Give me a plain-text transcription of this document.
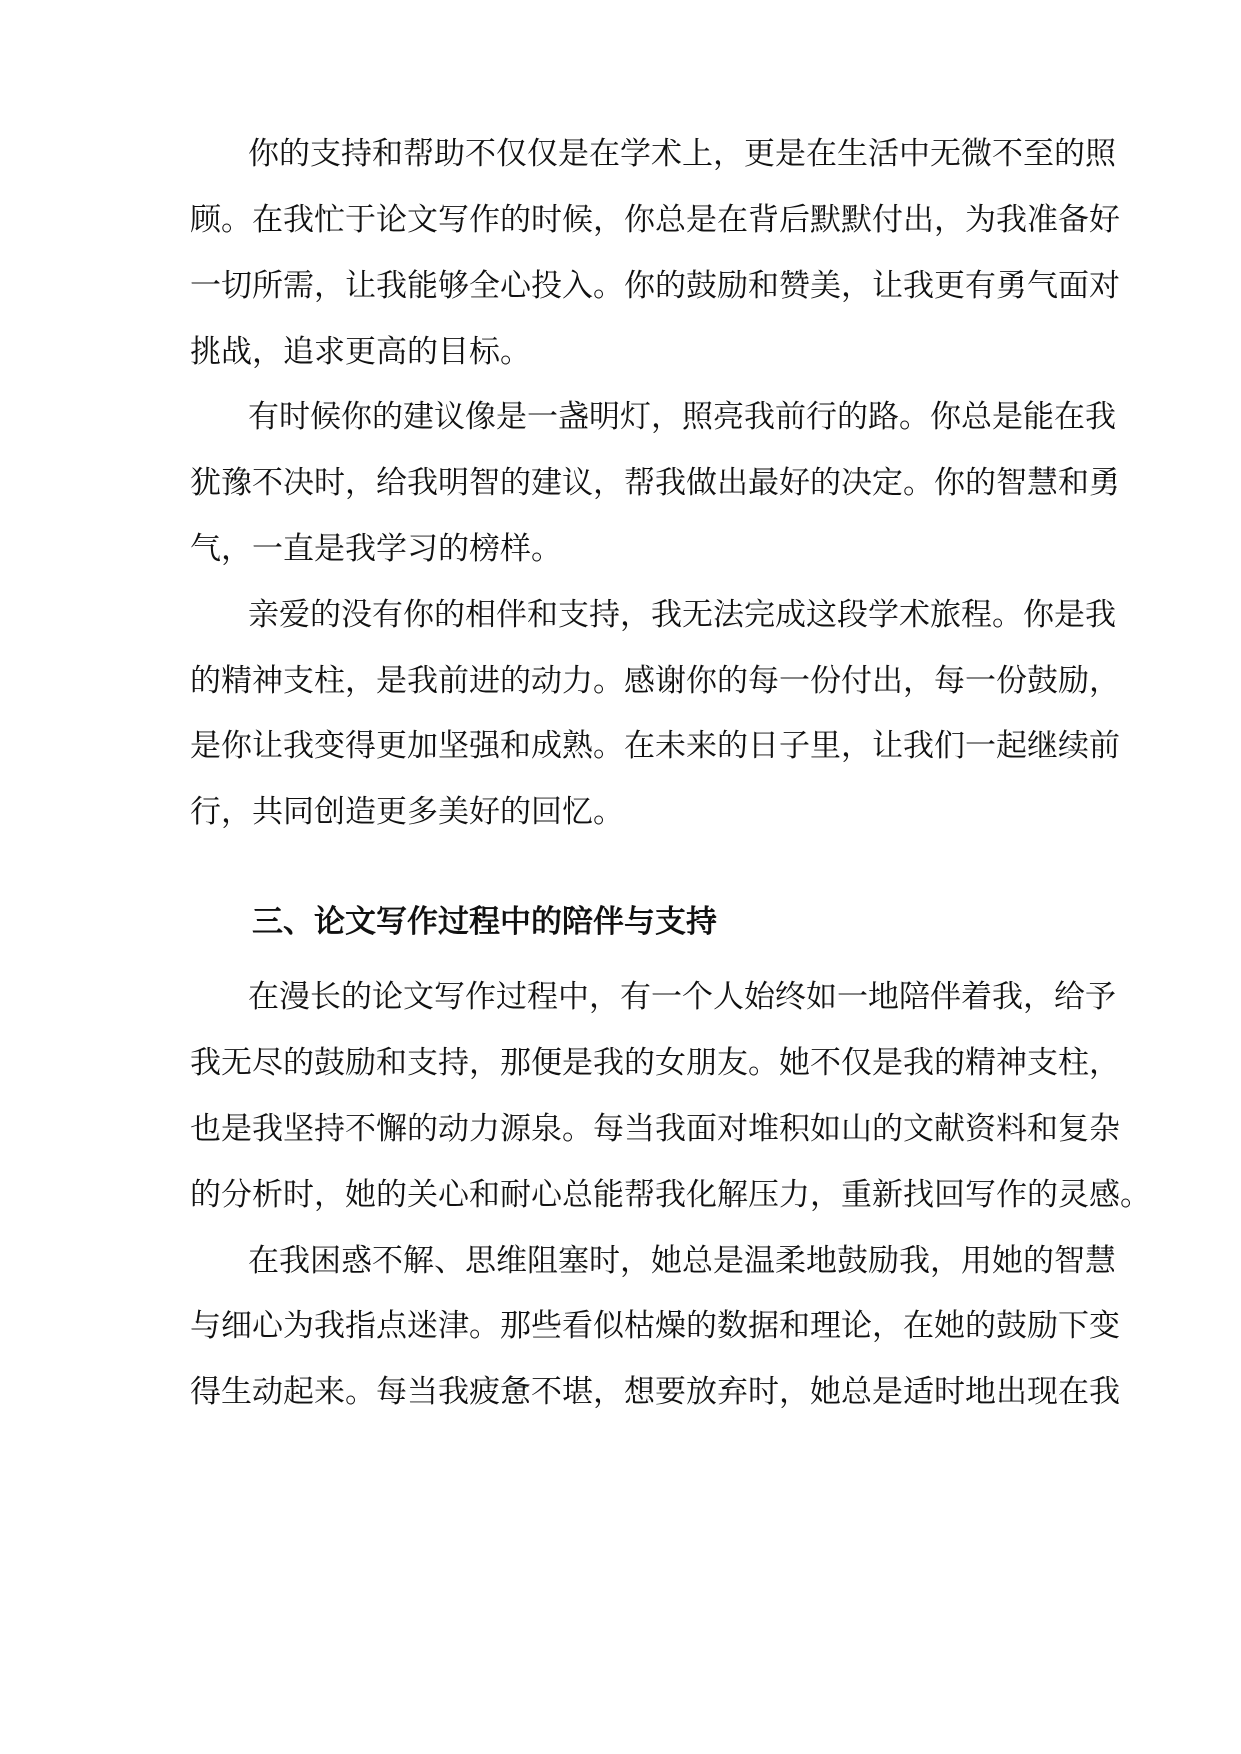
你的支持和帮助不仅仅是在学术上，更是在生活中无微不至的照

顾。在我忙于论文写作的时候，你总是在背后默默付出，为我准备好

一切所需，让我能够全心投入。你的鼓励和赞美，让我更有勇气面对

挑战，追求更高的目标。

有时候你的建议像是一盏明灯，照亮我前行的路。你总是能在我

犹豫不决时，给我明智的建议，帮我做出最好的决定。你的智慧和勇

气，一直是我学习的榜样。

亲爱的没有你的相伴和支持，我无法完成这段学术旅程。你是我

的精神支柱，是我前进的动力。感谢你的每一份付出，每一份鼓励，

是你让我变得更加坚强和成熟。在未来的日子里，让我们一起继续前

行，共同创造更多美好的回忆。

三、论文写作过程中的陪伴与支持

在漫长的论文写作过程中，有一个人始终如一地陪伴着我，给予

我无尽的鼓励和支持，那便是我的女朋友。她不仅是我的精神支柱，

也是我坚持不懈的动力源泉。每当我面对堆积如山的文献资料和复杂

的分析时，她的关心和耐心总能帮我化解压力，重新找回写作的灵感。

在我困惑不解、思维阻塞时，她总是温柔地鼓励我，用她的智慧

与细心为我指点迷津。那些看似枯燥的数据和理论，在她的鼓励下变

得生动起来。每当我疲惫不堪，想要放弃时，她总是适时地出现在我
